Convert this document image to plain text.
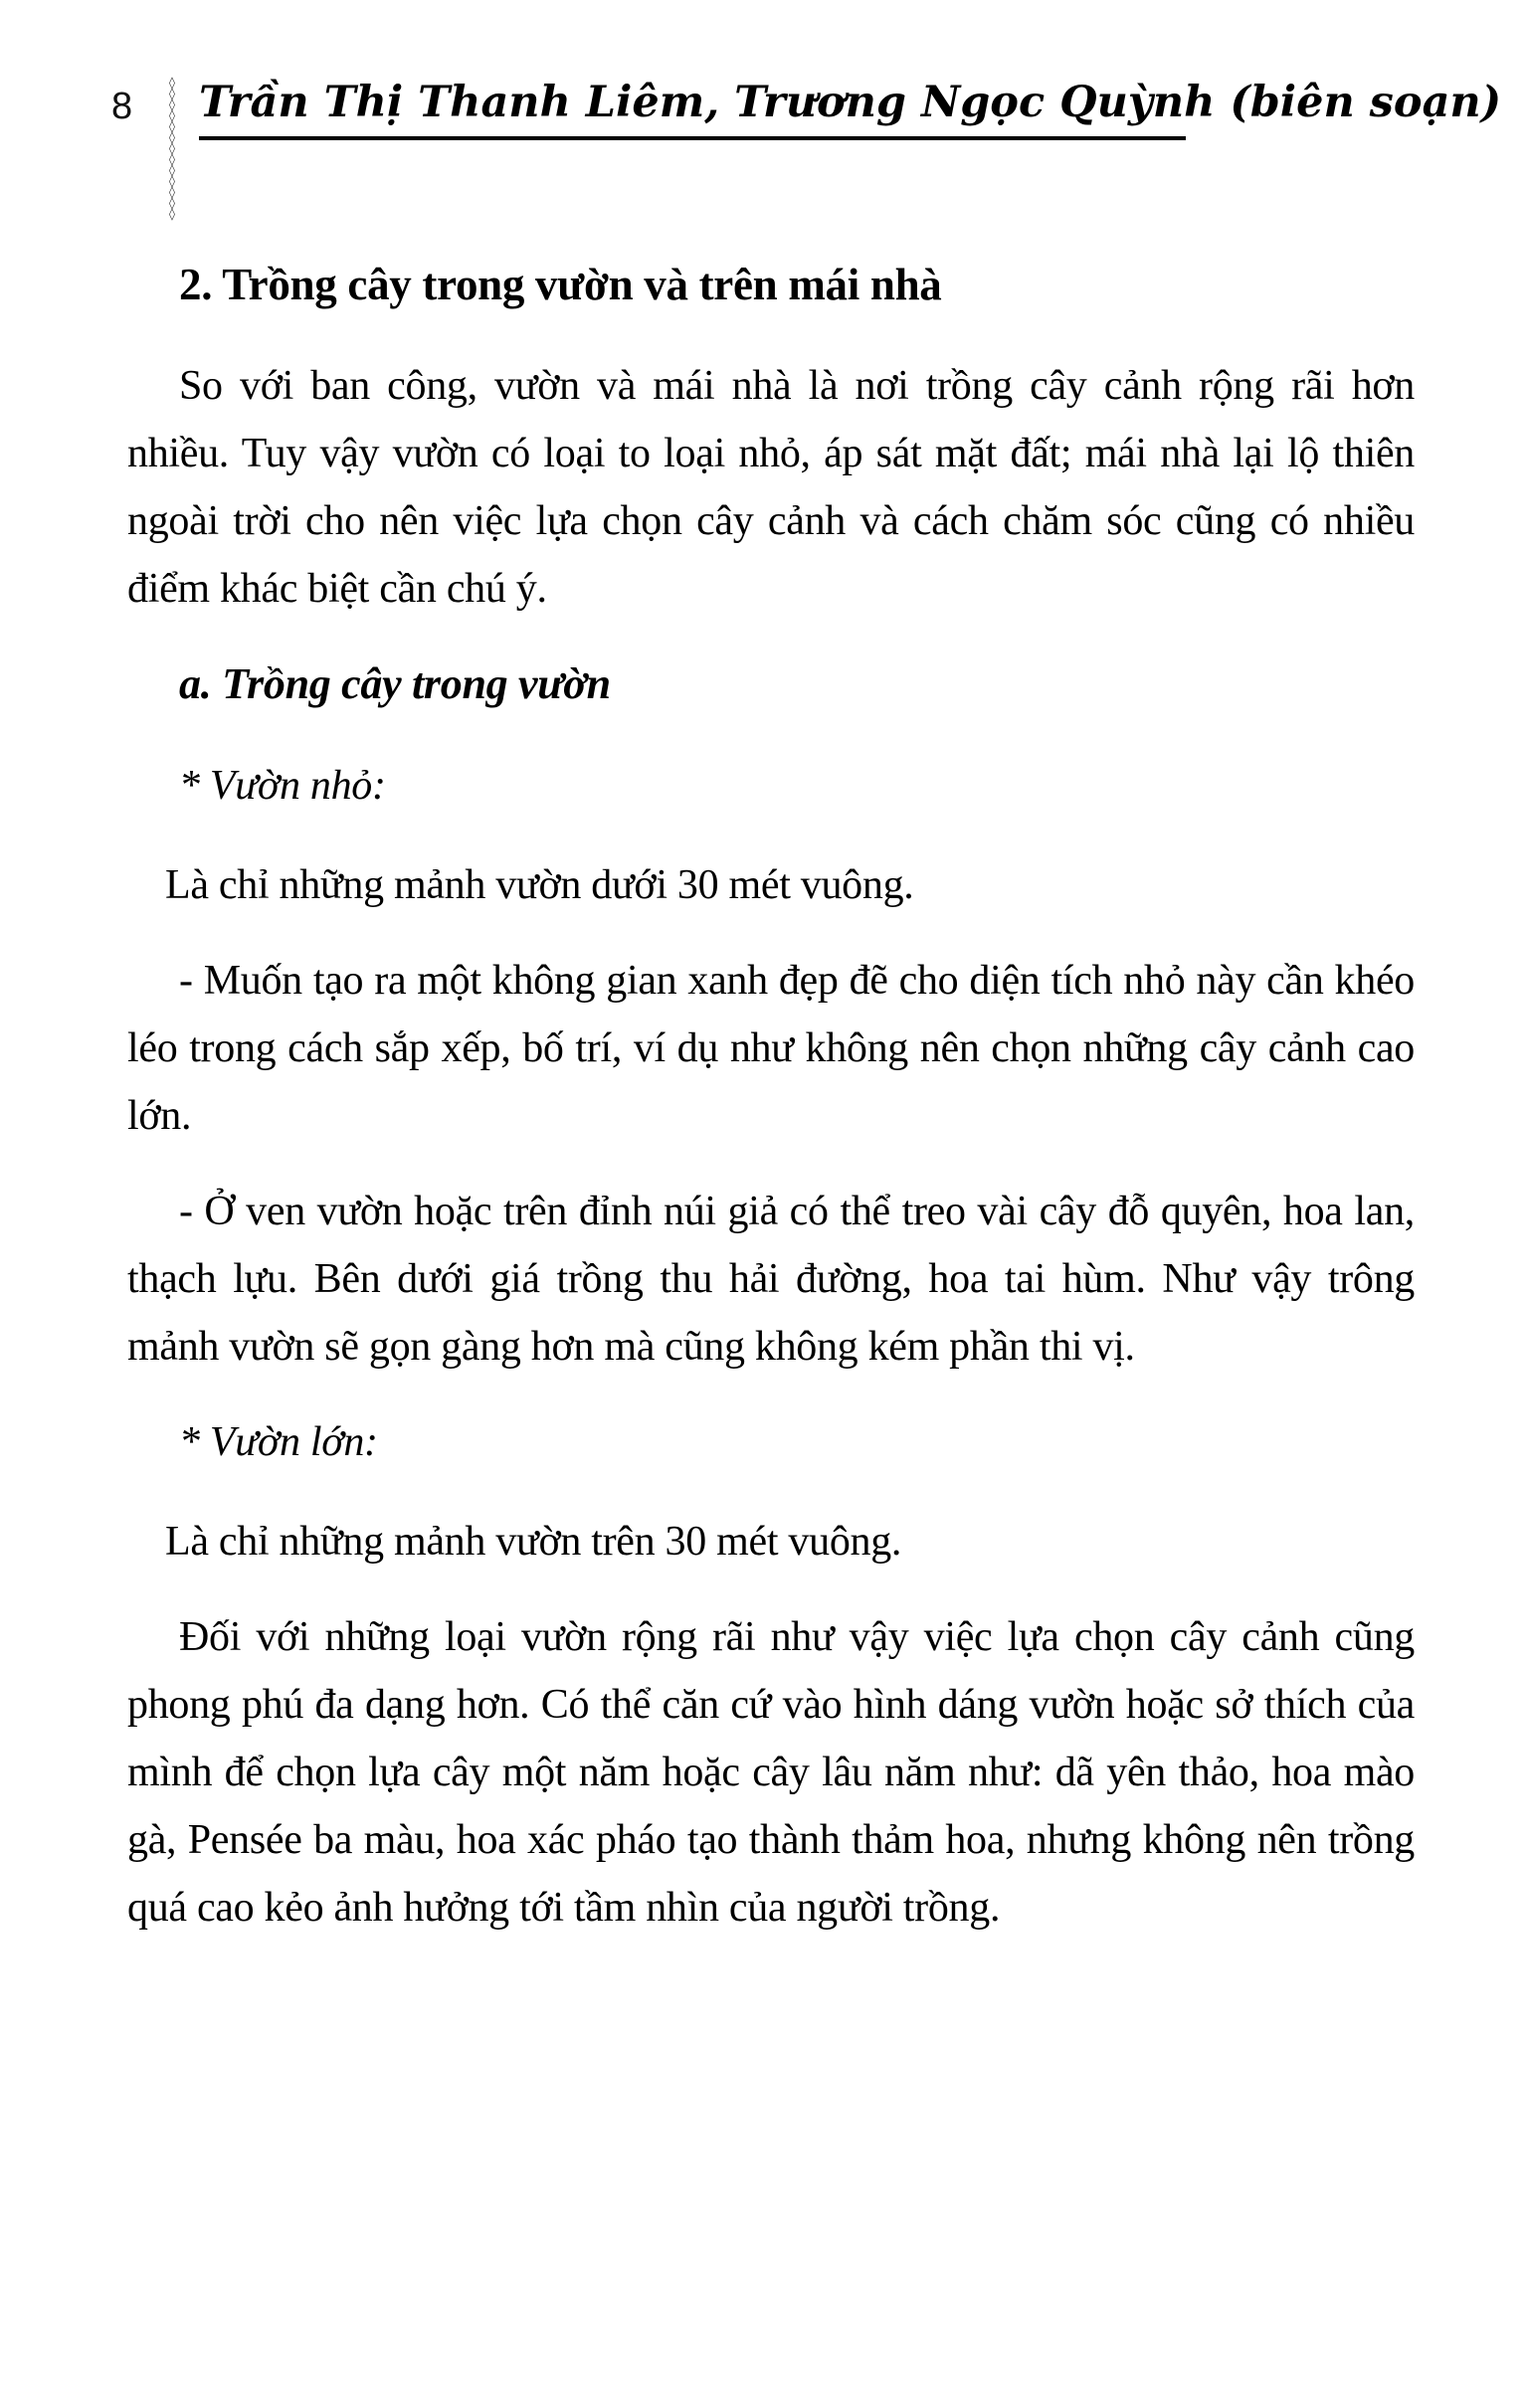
8	◊◊◊◊◊◊◊◊◊◊◊◊◊ Trần Thị Thanh Liêm, Trương Ngọc Quỳnh (biên soạn)
2. Trồng cây trong vườn và trên mái nhà

So với ban công, vườn và mái nhà là nơi trồng cây cảnh rộng rãi hơn nhiều. Tuy vậy vườn có loại to loại nhỏ, áp sát mặt đất; mái nhà lại lộ thiên ngoài trời cho nên việc lựa chọn cây cảnh và cách chăm sóc cũng có nhiều điểm khác biệt cần chú ý.

a. Trồng cây trong vườn
* Vườn nhỏ:

Là chỉ những mảnh vườn dưới 30 mét vuông.

- Muốn tạo ra một không gian xanh đẹp đẽ cho diện tích nhỏ này cần khéo léo trong cách sắp xếp, bố trí, ví dụ như không nên chọn những cây cảnh cao lớn.

- Ở ven vườn hoặc trên đỉnh núi giả có thể treo vài cây đỗ quyên, hoa lan, thạch lựu. Bên dưới giá trồng thu hải đường, hoa tai hùm. Như vậy trông mảnh vườn sẽ gọn gàng hơn mà cũng không kém phần thi vị.

* Vườn lớn:

Là chỉ những mảnh vườn trên 30 mét vuông.

Đối với những loại vườn rộng rãi như vậy việc lựa chọn cây cảnh cũng phong phú đa dạng hơn. Có thể căn cứ vào hình dáng vườn hoặc sở thích của mình để chọn lựa cây một năm hoặc cây lâu năm như: dã yên thảo, hoa mào gà, Pensée ba màu, hoa xác pháo tạo thành thảm hoa, nhưng không nên trồng quá cao kẻo ảnh hưởng tới tầm nhìn của người trồng.
